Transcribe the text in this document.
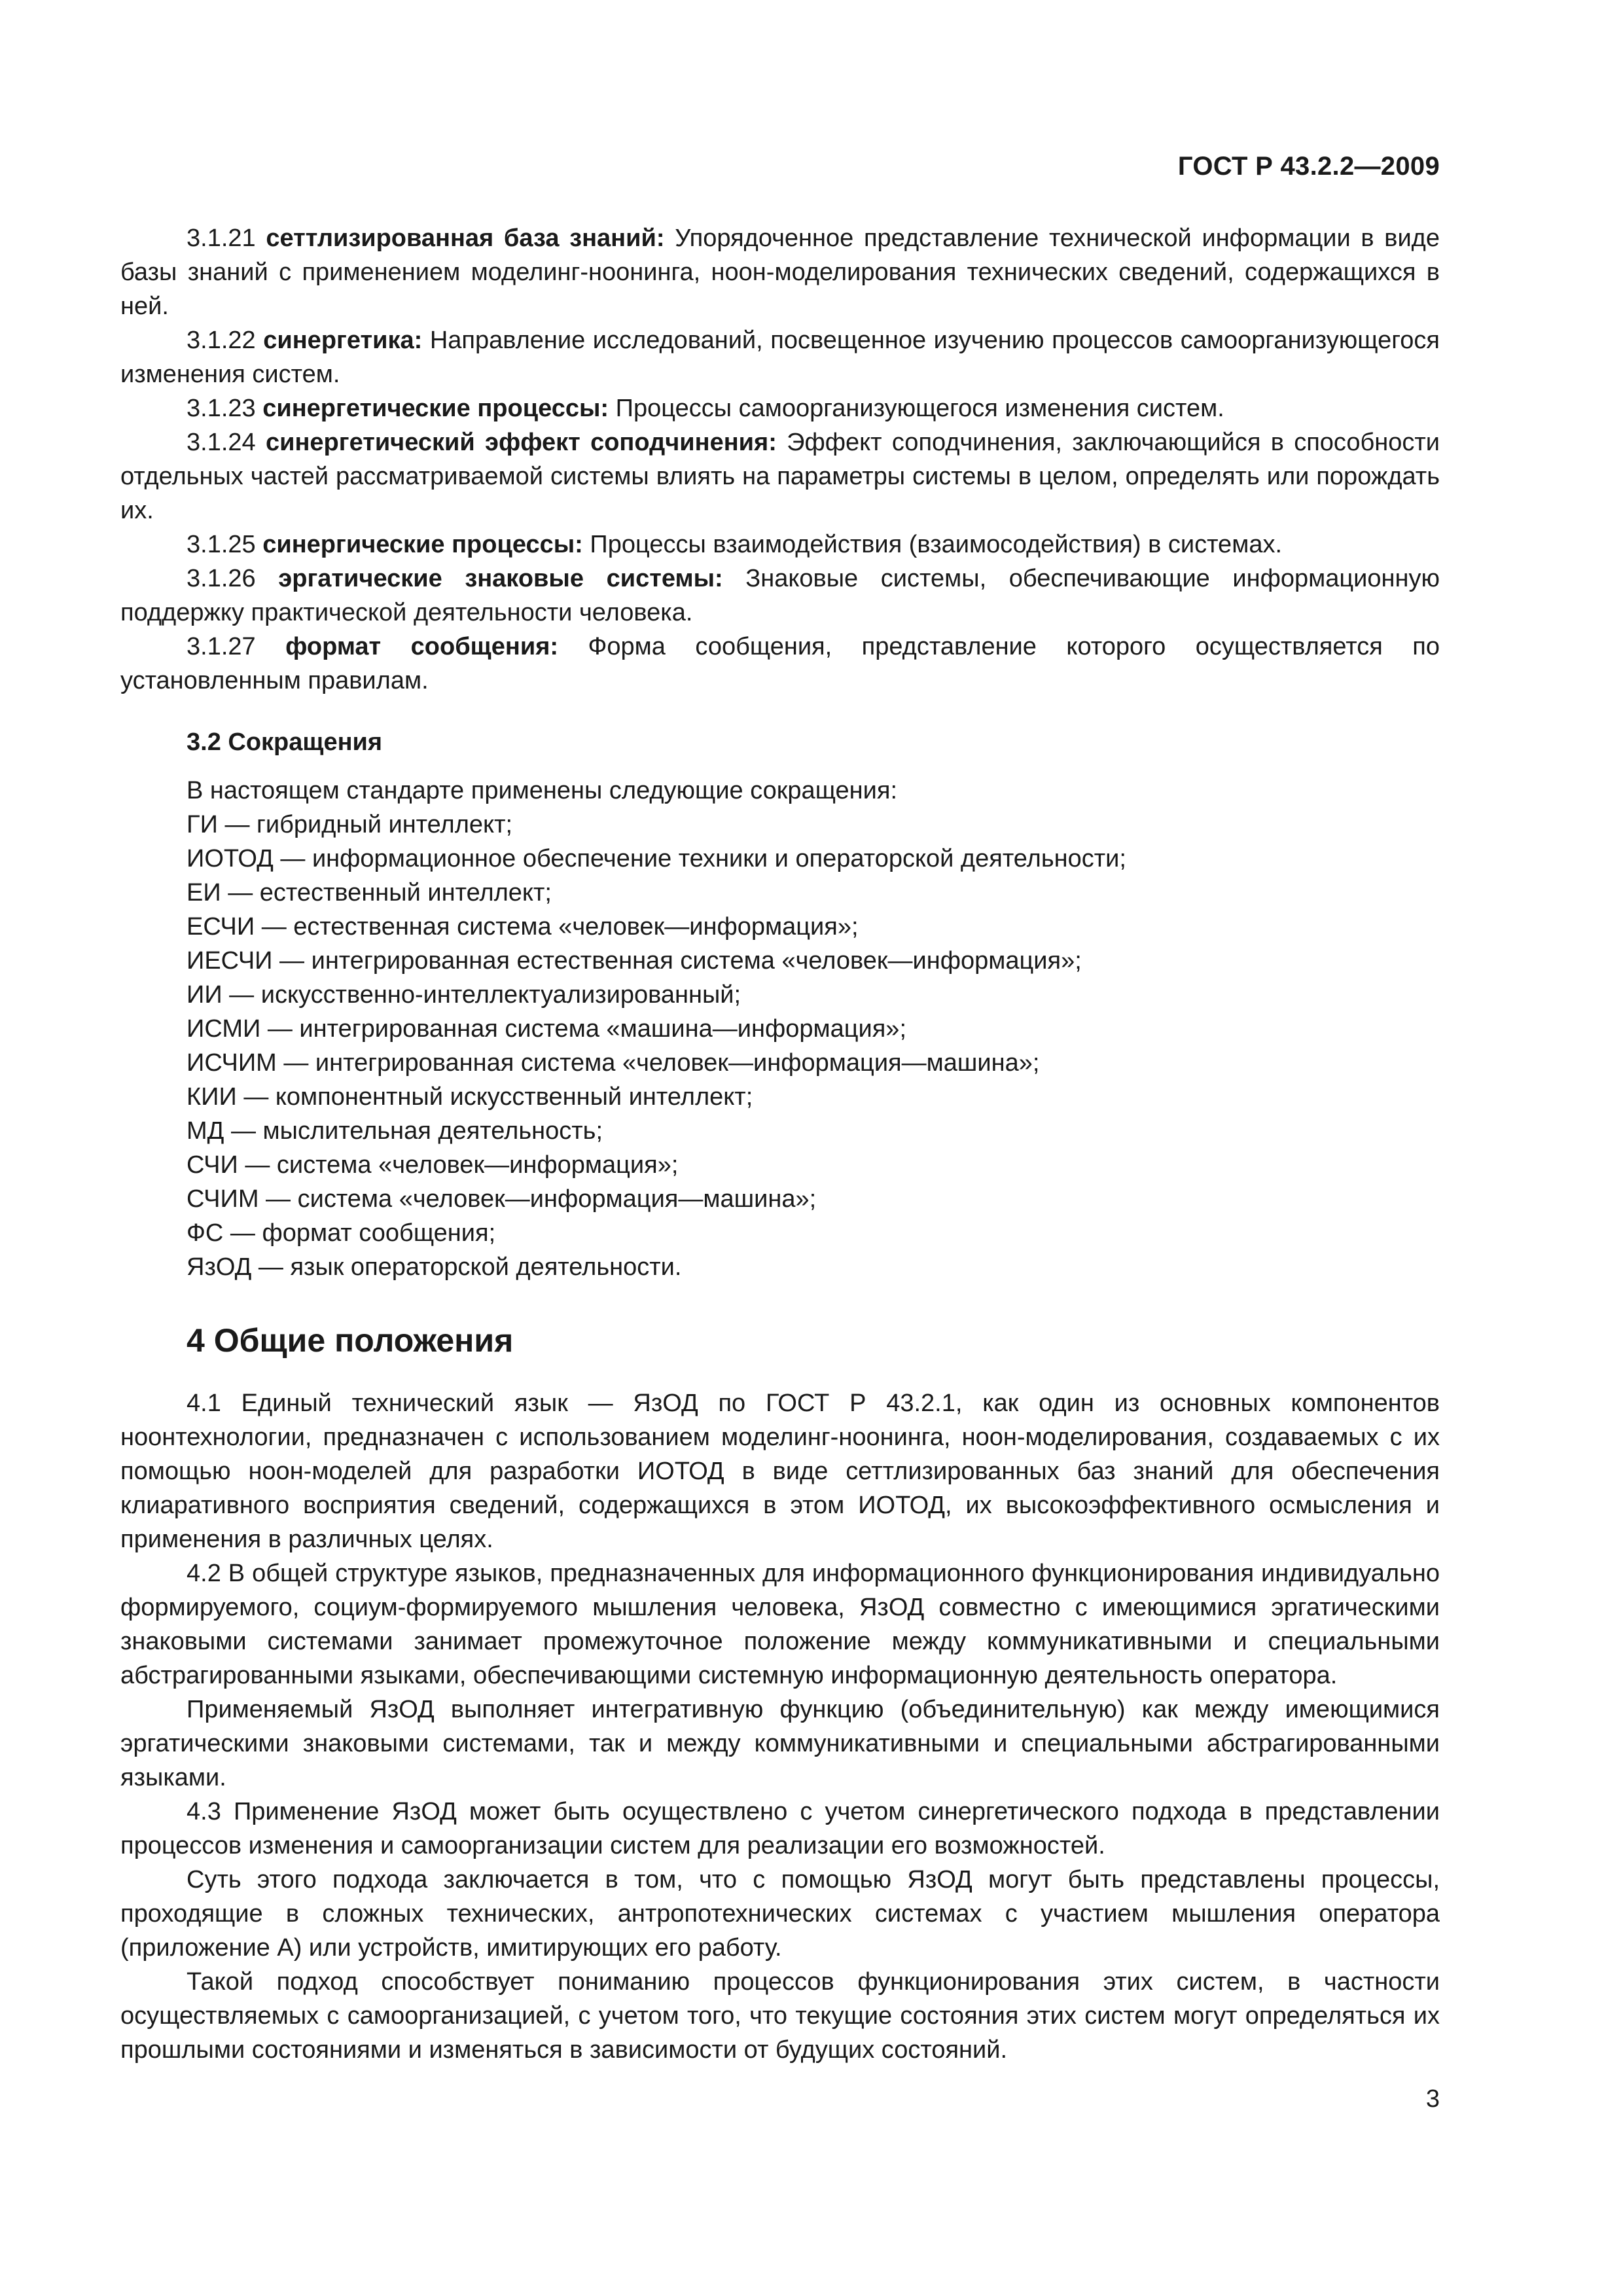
ГОСТ Р 43.2.2—2009

3.1.21 сеттлизированная база знаний: Упорядоченное представление технической информации в виде базы знаний с применением моделинг-ноонинга, ноон-моделирования технических сведений, содержащихся в ней.

3.1.22 синергетика: Направление исследований, посвещенное изучению процессов самоорганизующегося изменения систем.

3.1.23 синергетические процессы: Процессы самоорганизующегося изменения систем.

3.1.24 синергетический эффект соподчинения: Эффект соподчинения, заключающийся в способности отдельных частей рассматриваемой системы влиять на параметры системы в целом, определять или порождать их.

3.1.25 синергические процессы: Процессы взаимодействия (взаимосодействия) в системах.

3.1.26 эргатические знаковые системы: Знаковые системы, обеспечивающие информационную поддержку практической деятельности человека.

3.1.27 формат сообщения: Форма сообщения, представление которого осуществляется по установленным правилам.

3.2 Сокращения

В настоящем стандарте применены следующие сокращения:

ГИ — гибридный интеллект;

ИОТОД — информационное обеспечение техники и операторской деятельности;

ЕИ — естественный интеллект;

ЕСЧИ — естественная система «человек—информация»;

ИЕСЧИ — интегрированная естественная система «человек—информация»;

ИИ — искусственно-интеллектуализированный;

ИСМИ — интегрированная система «машина—информация»;

ИСЧИМ — интегрированная система «человек—информация—машина»;

КИИ — компонентный искусственный интеллект;

МД — мыслительная деятельность;

СЧИ — система «человек—информация»;

СЧИМ — система «человек—информация—машина»;

ФС — формат сообщения;

ЯзОД — язык операторской деятельности.

4 Общие положения

4.1 Единый технический язык — ЯзОД по ГОСТ Р 43.2.1, как один из основных компонентов ноонтехнологии, предназначен с использованием моделинг-ноонинга, ноон-моделирования, создаваемых с их помощью ноон-моделей для разработки ИОТОД в виде сеттлизированных баз знаний для обеспечения клиаративного восприятия сведений, содержащихся в этом ИОТОД, их высокоэффективного осмысления и применения в различных целях.

4.2 В общей структуре языков, предназначенных для информационного функционирования индивидуально формируемого, социум-формируемого мышления человека, ЯзОД совместно с имеющимися эргатическими знаковыми системами занимает промежуточное положение между коммуникативными и специальными абстрагированными языками, обеспечивающими системную информационную деятельность оператора.

Применяемый ЯзОД выполняет интегративную функцию (объединительную) как между имеющимися эргатическими знаковыми системами, так и между коммуникативными и специальными абстрагированными языками.

4.3 Применение ЯзОД может быть осуществлено с учетом синергетического подхода в представлении процессов изменения и самоорганизации систем для реализации его возможностей.

Суть этого подхода заключается в том, что с помощью ЯзОД могут быть представлены процессы, проходящие в сложных технических, антропотехнических системах с участием мышления оператора (приложение А) или устройств, имитирующих его работу.

Такой подход способствует пониманию процессов функционирования этих систем, в частности осуществляемых с самоорганизацией, с учетом того, что текущие состояния этих систем могут определяться их прошлыми состояниями и изменяться в зависимости от будущих состояний.

3
